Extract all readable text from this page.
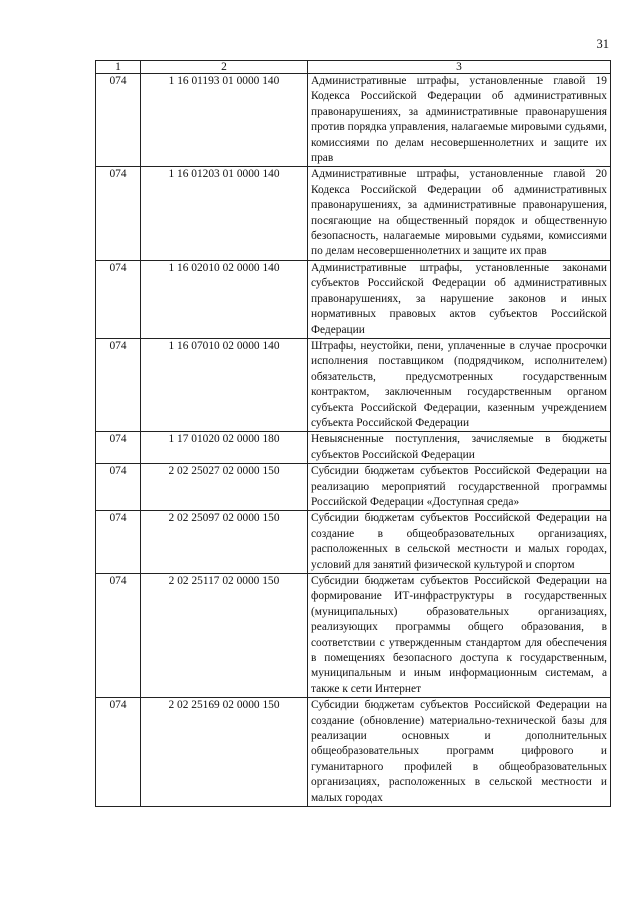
31
1	2	3
074	1 16 01193 01 0000 140	Административные штрафы, установленные главой 19 Кодекса Российской Федерации об административных правонарушениях, за административные правонарушения против порядка управления, налагаемые мировыми судьями, комиссиями по делам несовершеннолетних и защите их прав
074	1 16 01203 01 0000 140	Административные штрафы, установленные главой 20 Кодекса Российской Федерации об административных правонарушениях, за административные правонарушения, посягающие на общественный порядок и общественную безопасность, налагаемые мировыми судьями, комиссиями по делам несовершеннолетних и защите их прав
074	1 16 02010 02 0000 140	Административные штрафы, установленные законами субъектов Российской Федерации об административных правонарушениях, за нарушение законов и иных нормативных правовых актов субъектов Российской Федерации
074	1 16 07010 02 0000 140	Штрафы, неустойки, пени, уплаченные в случае просрочки исполнения поставщиком (подрядчиком, исполнителем) обязательств, предусмотренных государственным контрактом, заключенным государственным органом субъекта Российской Федерации, казенным учреждением субъекта Российской Федерации
074	1 17 01020 02 0000 180	Невыясненные поступления, зачисляемые в бюджеты субъектов Российской Федерации
074	2 02 25027 02 0000 150	Субсидии бюджетам субъектов Российской Федерации на реализацию мероприятий государственной программы Российской Федерации «Доступная среда»
074	2 02 25097 02 0000 150	Субсидии бюджетам субъектов Российской Федерации на создание в общеобразовательных организациях, расположенных в сельской местности и малых городах, условий для занятий физической культурой и спортом
074	2 02 25117 02 0000 150	Субсидии бюджетам субъектов Российской Федерации на формирование ИТ-инфраструктуры в государственных (муниципальных) образовательных организациях, реализующих программы общего образования, в соответствии с утвержденным стандартом для обеспечения в помещениях безопасного доступа к государственным, муниципальным и иным информационным системам, а также к сети Интернет
074	2 02 25169 02 0000 150	Субсидии бюджетам субъектов Российской Федерации на создание (обновление) материально-технической базы для реализации основных и дополнительных общеобразовательных программ цифрового и гуманитарного профилей в общеобразовательных организациях, расположенных в сельской местности и малых городах
